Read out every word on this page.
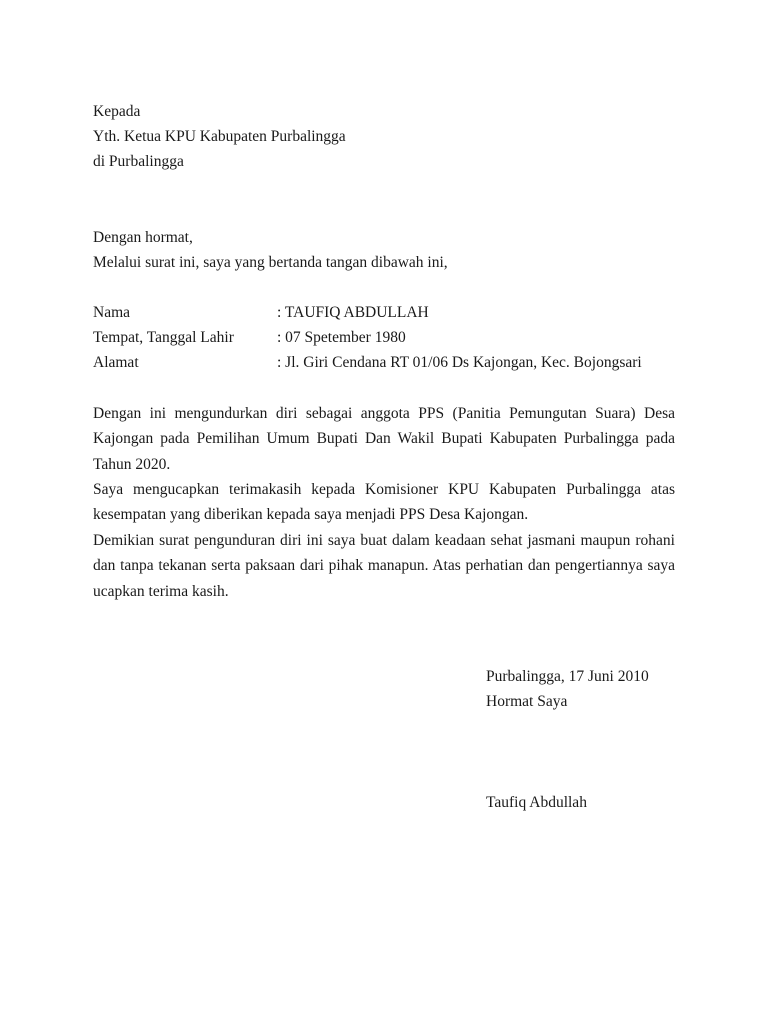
Kepada
Yth. Ketua KPU Kabupaten Purbalingga
di Purbalingga
Dengan hormat,
Melalui surat ini, saya yang bertanda tangan dibawah ini,
Nama	: TAUFIQ ABDULLAH
Tempat, Tanggal Lahir	: 07 Spetember 1980
Alamat	: Jl. Giri Cendana RT 01/06 Ds Kajongan, Kec. Bojongsari
Dengan ini mengundurkan diri sebagai anggota PPS (Panitia Pemungutan Suara) Desa Kajongan pada Pemilihan Umum Bupati Dan Wakil Bupati Kabupaten Purbalingga pada Tahun 2020.
Saya mengucapkan terimakasih kepada Komisioner KPU Kabupaten Purbalingga atas kesempatan yang diberikan kepada saya menjadi PPS Desa Kajongan.
Demikian surat pengunduran diri ini saya buat dalam keadaan sehat jasmani maupun rohani dan tanpa tekanan serta paksaan dari pihak manapun. Atas perhatian dan pengertiannya saya ucapkan terima kasih.
Purbalingga, 17 Juni 2010
Hormat Saya
Taufiq Abdullah
